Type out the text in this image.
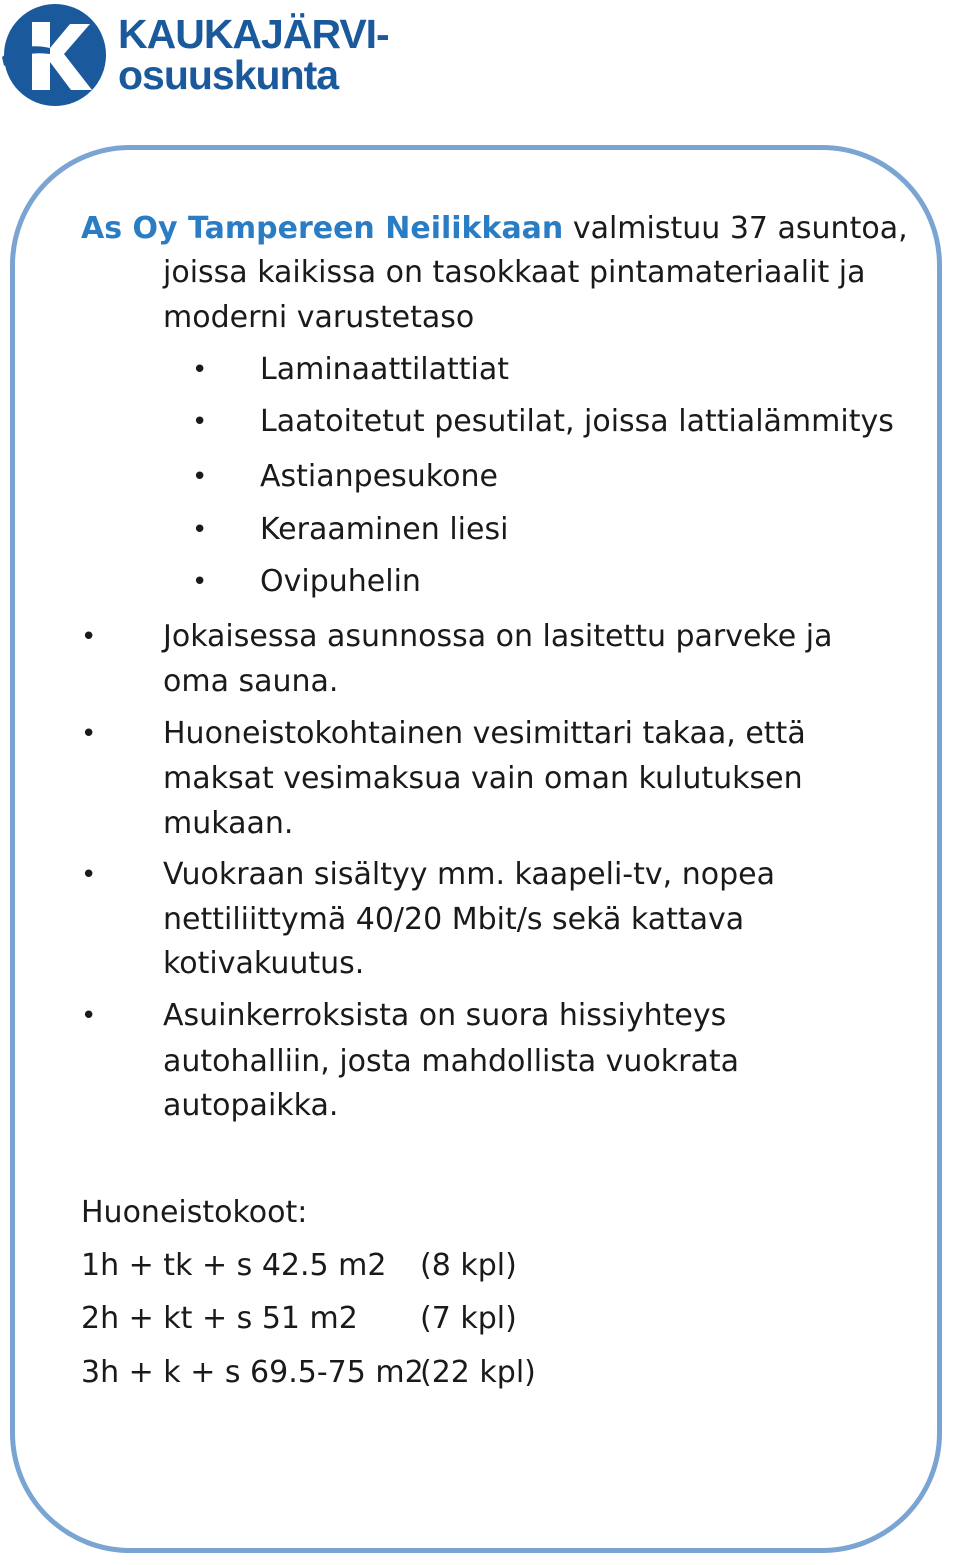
KAUKAJÄRVI-
osuuskunta
As Oy Tampereen Neilikkaan valmistuu 37 asuntoa,
joissa kaikissa on tasokkaat pintamateriaalit ja
moderni varustetaso
• Laminaattilattiat
• Laatoitetut pesutilat, joissa lattialämmitys
• Astianpesukone
• Keraaminen liesi
• Ovipuhelin
• Jokaisessa asunnossa on lasitettu parveke ja
oma sauna.
• Huoneistokohtainen vesimittari takaa, että
maksat vesimaksua vain oman kulutuksen
mukaan.
• Vuokraan sisältyy mm. kaapeli-tv, nopea
nettiliittymä 40/20 Mbit/s sekä kattava
kotivakuutus.
• Asuinkerroksista on suora hissiyhteys
autohalliin, josta mahdollista vuokrata
autopaikka.
Huoneistokoot:
1h + tk + s 42.5 m2 (8 kpl)
2h + kt + s 51 m2 (7 kpl)
3h + k + s 69.5-75 m2
(22 kpl)
